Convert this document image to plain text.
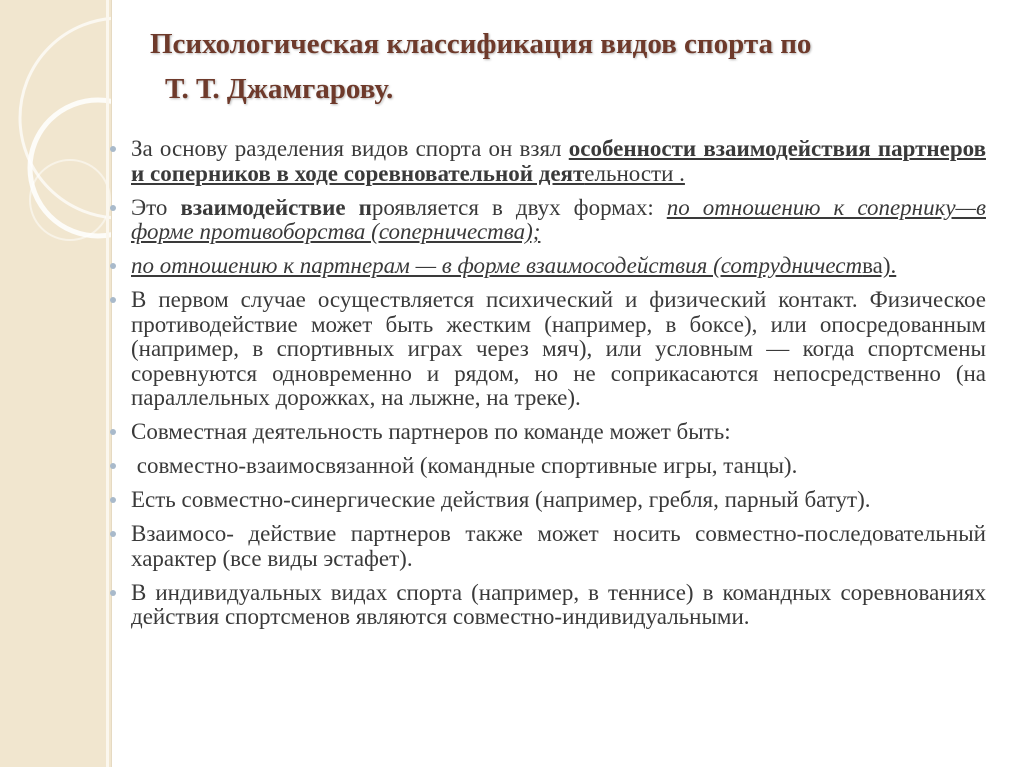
Психологическая классификация видов спорта по
Т. Т. Джамгарову.
За основу разделения видов спорта он взял особенности взаимодействия партнеров и соперников в ходе соревновательной деятельности .
Это взаимодействие проявляется в двух формах: по отношению к сопернику—в форме противоборства (соперничества);
по отношению к партнерам — в форме взаимосодействия (сотрудничества).
В первом случае осуществляется психический и физический контакт. Физическое противодействие может быть жестким (например, в боксе), или опосредованным (например, в спортивных играх через мяч), или условным — когда спортсмены соревнуются одновременно и рядом, но не соприкасаются непосредственно (на параллельных дорожках, на лыжне, на треке).
Совместная деятельность партнеров по команде может быть:
совместно-взаимосвязанной (командные спортивные игры, танцы).
Есть совместно-синергические действия (например, гребля, парный батут).
Взаимосо- действие партнеров также может носить совместно-последовательный характер (все виды эстафет).
В индивидуальных видах спорта (например, в теннисе) в командных соревнованиях действия спортсменов являются совместно-индивидуальными.
